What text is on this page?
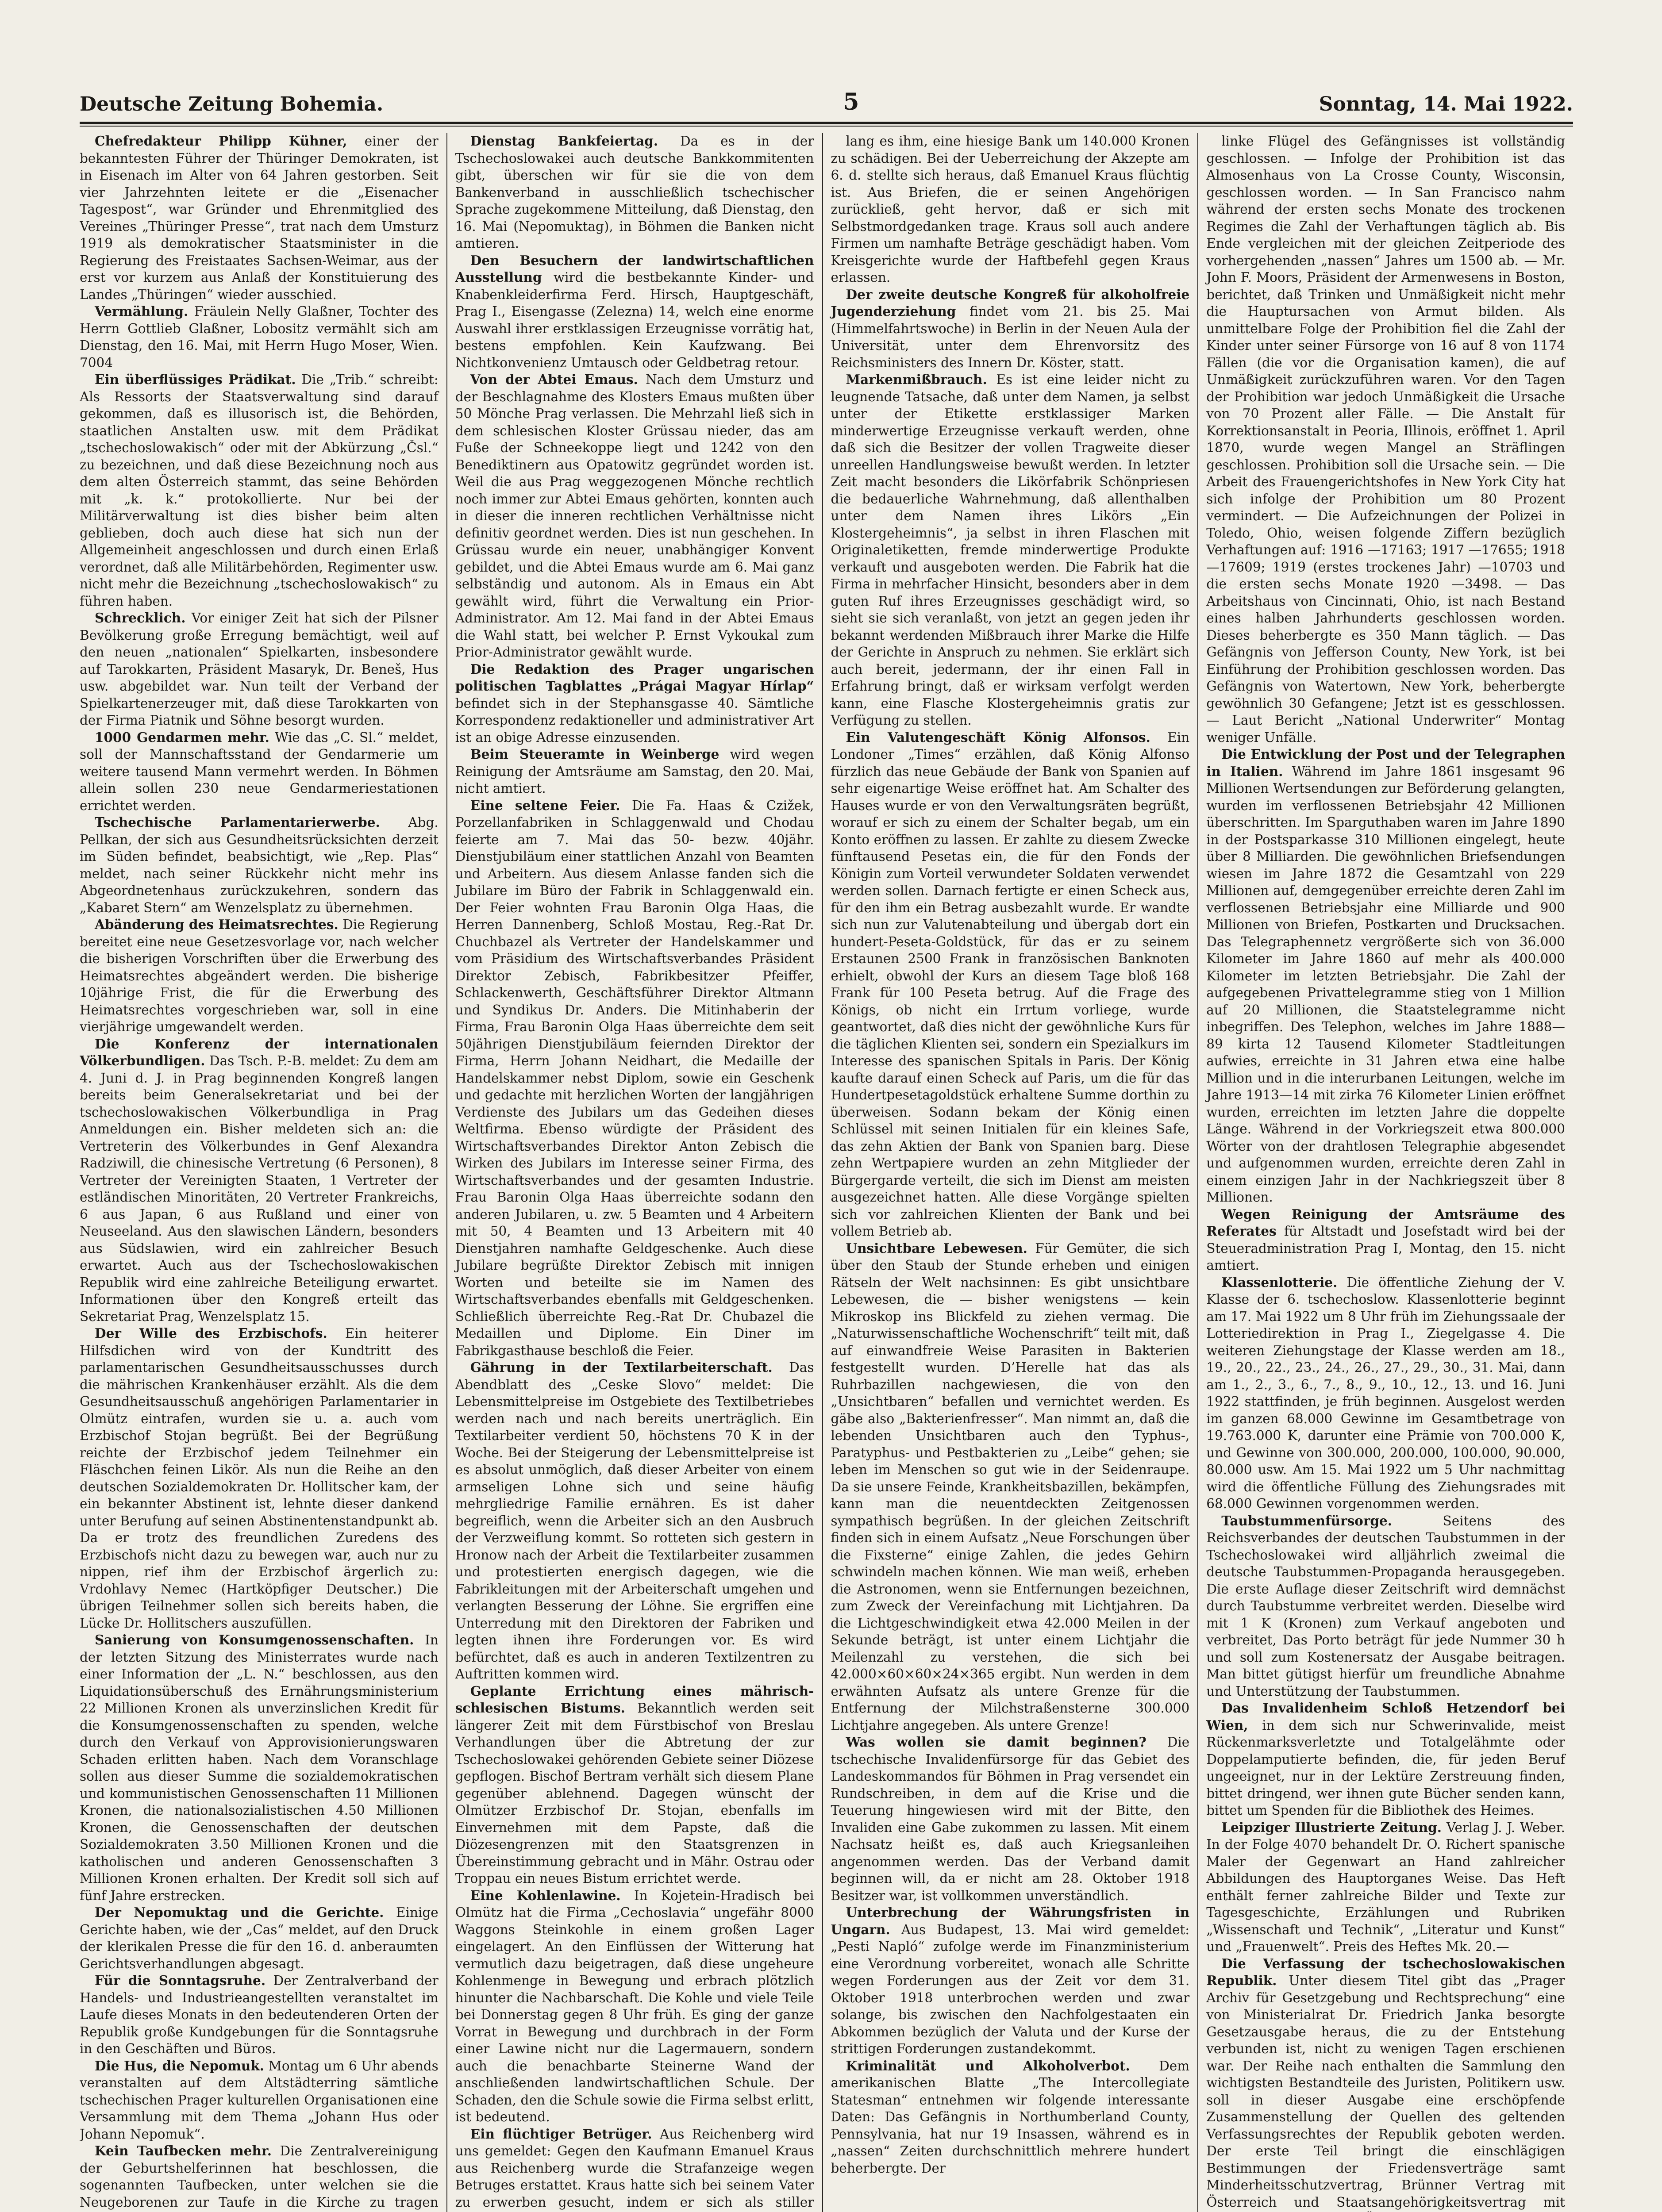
Deutsche Zeitung Bohemia.	5	Sonntag, 14. Mai 1922.

Chefredakteur Philipp Kühner, einer der bekanntesten Führer der Thüringer Demokraten, ist in Eisenach im Alter von 64 Jahren gestorben. Seit vier Jahrzehnten leitete er die „Eisenacher Tagespost“, war Gründer und Ehrenmitglied des Vereines „Thüringer Presse“, trat nach dem Umsturz 1919 als demokratischer Staatsminister in die Regierung des Freistaates Sachsen-Weimar, aus der erst vor kurzem aus Anlaß der Konstituierung des Landes „Thüringen“ wieder ausschied.

Vermählung. Fräulein Nelly Glaßner, Tochter des Herrn Gottlieb Glaßner, Lobositz vermählt sich am Dienstag, den 16. Mai, mit Herrn Hugo Moser, Wien. 7004

Ein überflüssiges Prädikat. Die „Trib.“ schreibt: Als Ressorts der Staatsverwaltung sind darauf gekommen, daß es illusorisch ist, die Behörden, staatlichen Anstalten usw. mit dem Prädikat „tschechoslowakisch“ oder mit der Abkürzung „Čsl.“ zu bezeichnen, und daß diese Bezeichnung noch aus dem alten Österreich stammt, das seine Behörden mit „k. k.“ protokollierte. Nur bei der Militärverwaltung ist dies bisher beim alten geblieben, doch auch diese hat sich nun der Allgemeinheit angeschlossen und durch einen Erlaß verordnet, daß alle Militärbehörden, Regimenter usw. nicht mehr die Bezeichnung „tschechoslowakisch“ zu führen haben.

Schrecklich. Vor einiger Zeit hat sich der Pilsner Bevölkerung große Erregung bemächtigt, weil auf den neuen „nationalen“ Spielkarten, insbesondere auf Tarokkarten, Präsident Masaryk, Dr. Beneš, Hus usw. abgebildet war. Nun teilt der Verband der Spielkartenerzeuger mit, daß diese Tarokkarten von der Firma Piatnik und Söhne besorgt wurden.

1000 Gendarmen mehr. Wie das „C. Sl.“ meldet, soll der Mannschaftsstand der Gendarmerie um weitere tausend Mann vermehrt werden. In Böhmen allein sollen 230 neue Gendarmeriestationen errichtet werden.

Tschechische Parlamentarierwerbe. Abg. Pellkan, der sich aus Gesundheitsrücksichten derzeit im Süden befindet, beabsichtigt, wie „Rep. Plas“ meldet, nach seiner Rückkehr nicht mehr ins Abgeordnetenhaus zurückzukehren, sondern das „Kabaret Stern“ am Wenzelsplatz zu übernehmen.

Abänderung des Heimatsrechtes. Die Regierung bereitet eine neue Gesetzesvorlage vor, nach welcher die bisherigen Vorschriften über die Erwerbung des Heimatsrechtes abgeändert werden. Die bisherige 10jährige Frist, die für die Erwerbung des Heimatsrechtes vorgeschrieben war, soll in eine vierjährige umgewandelt werden.

Die Konferenz der internationalen Völkerbundligen. Das Tsch. P.-B. meldet: Zu dem am 4. Juni d. J. in Prag beginnenden Kongreß langen bereits beim Generalsekretariat und bei der tschechoslowakischen Völkerbundliga in Prag Anmeldungen ein. Bisher meldeten sich an: die Vertreterin des Völkerbundes in Genf Alexandra Radziwill, die chinesische Vertretung (6 Personen), 8 Vertreter der Vereinigten Staaten, 1 Vertreter der estländischen Minoritäten, 20 Vertreter Frankreichs, 6 aus Japan, 6 aus Rußland und einer von Neuseeland. Aus den slawischen Ländern, besonders aus Südslawien, wird ein zahlreicher Besuch erwartet. Auch aus der Tschechoslowakischen Republik wird eine zahlreiche Beteiligung erwartet. Informationen über den Kongreß erteilt das Sekretariat Prag, Wenzelsplatz 15.

Der Wille des Erzbischofs. Ein heiterer Hilfsdichen wird von der Kundtritt des parlamentarischen Gesundheitsausschusses durch die mährischen Krankenhäuser erzählt. Als die dem Gesundheitsausschuß angehörigen Parlamentarier in Olmütz eintrafen, wurden sie u. a. auch vom Erzbischof Stojan begrüßt. Bei der Begrüßung reichte der Erzbischof jedem Teilnehmer ein Fläschchen feinen Likör. Als nun die Reihe an den deutschen Sozialdemokraten Dr. Hollitscher kam, der ein bekannter Abstinent ist, lehnte dieser dankend unter Berufung auf seinen Abstinentenstandpunkt ab. Da er trotz des freundlichen Zuredens des Erzbischofs nicht dazu zu bewegen war, auch nur zu nippen, rief ihm der Erzbischof ärgerlich zu: Vrdohlavy Nemec (Hartköpfiger Deutscher.) Die übrigen Teilnehmer sollen sich bereits haben, die Lücke Dr. Hollitschers auszufüllen.

Sanierung von Konsumgenossenschaften. In der letzten Sitzung des Ministerrates wurde nach einer Information der „L. N.“ beschlossen, aus den Liquidationsüberschuß des Ernährungsministerium 22 Millionen Kronen als unverzinslichen Kredit für die Konsumgenossenschaften zu spenden, welche durch den Verkauf von Approvisionierungswaren Schaden erlitten haben. Nach dem Voranschlage sollen aus dieser Summe die sozialdemokratischen und kommunistischen Genossenschaften 11 Millionen Kronen, die nationalsozialistischen 4.50 Millionen Kronen, die Genossenschaften der deutschen Sozialdemokraten 3.50 Millionen Kronen und die katholischen und anderen Genossenschaften 3 Millionen Kronen erhalten. Der Kredit soll sich auf fünf Jahre erstrecken.

Der Nepomuktag und die Gerichte. Einige Gerichte haben, wie der „Cas“ meldet, auf den Druck der klerikalen Presse die für den 16. d. anberaumten Gerichtsverhandlungen abgesagt.

Für die Sonntagsruhe. Der Zentralverband der Handels- und Industrieangestellten veranstaltet im Laufe dieses Monats in den bedeutenderen Orten der Republik große Kundgebungen für die Sonntagsruhe in den Geschäften und Büros.

Die Hus, die Nepomuk. Montag um 6 Uhr abends veranstalten auf dem Altstädterring sämtliche tschechischen Prager kulturellen Organisationen eine Versammlung mit dem Thema „Johann Hus oder Johann Nepomuk“.

Kein Taufbecken mehr. Die Zentralvereinigung der Geburtshelferinnen hat beschlossen, die sogenannten Taufbecken, unter welchen sie die Neugeborenen zur Taufe in die Kirche zu tragen

Dienstag Bankfeiertag. Da es in der Tschechoslowakei auch deutsche Bankkommitenten gibt, überschen wir für sie die von dem Bankenverband in ausschließlich tschechischer Sprache zugekommene Mitteilung, daß Dienstag, den 16. Mai (Nepomuktag), in Böhmen die Banken nicht amtieren.

Den Besuchern der landwirtschaftlichen Ausstellung wird die bestbekannte Kinder- und Knabenkleiderfirma Ferd. Hirsch, Hauptgeschäft, Prag I., Eisengasse (Zelezna) 14, welch eine enorme Auswahl ihrer erstklassigen Erzeugnisse vorrätig hat, bestens empfohlen. Kein Kaufzwang. Bei Nichtkonvenienz Umtausch oder Geldbetrag retour.

Von der Abtei Emaus. Nach dem Umsturz und der Beschlagnahme des Klosters Emaus mußten über 50 Mönche Prag verlassen. Die Mehrzahl ließ sich in dem schlesischen Kloster Grüssau nieder, das am Fuße der Schneekoppe liegt und 1242 von den Benediktinern aus Opatowitz gegründet worden ist. Weil die aus Prag weggezogenen Mönche rechtlich noch immer zur Abtei Emaus gehörten, konnten auch in dieser die inneren rechtlichen Verhältnisse nicht definitiv geordnet werden. Dies ist nun geschehen. In Grüssau wurde ein neuer, unabhängiger Konvent gebildet, und die Abtei Emaus wurde am 6. Mai ganz selbständig und autonom. Als in Emaus ein Abt gewählt wird, führt die Verwaltung ein Prior-Administrator. Am 12. Mai fand in der Abtei Emaus die Wahl statt, bei welcher P. Ernst Vykoukal zum Prior-Administrator gewählt wurde.

Die Redaktion des Prager ungarischen politischen Tagblattes „Prágai Magyar Hírlap“ befindet sich in der Stephansgasse 40. Sämtliche Korrespondenz redaktioneller und administrativer Art ist an obige Adresse einzusenden.

Beim Steueramte in Weinberge wird wegen Reinigung der Amtsräume am Samstag, den 20. Mai, nicht amtiert.

Eine seltene Feier. Die Fa. Haas & Czižek, Porzellanfabriken in Schlaggenwald und Chodau feierte am 7. Mai das 50- bezw. 40jähr. Dienstjubiläum einer stattlichen Anzahl von Beamten und Arbeitern. Aus diesem Anlasse fanden sich die Jubilare im Büro der Fabrik in Schlaggenwald ein. Der Feier wohnten Frau Baronin Olga Haas, die Herren Dannenberg, Schloß Mostau, Reg.-Rat Dr. Chuchbazel als Vertreter der Handelskammer und vom Präsidium des Wirtschaftsverbandes Präsident Direktor Zebisch, Fabrikbesitzer Pfeiffer, Schlackenwerth, Geschäftsführer Direktor Altmann und Syndikus Dr. Anders. Die Mitinhaberin der Firma, Frau Baronin Olga Haas überreichte dem seit 50jährigen Dienstjubiläum feiernden Direktor der Firma, Herrn Johann Neidhart, die Medaille der Handelskammer nebst Diplom, sowie ein Geschenk und gedachte mit herzlichen Worten der langjährigen Verdienste des Jubilars um das Gedeihen dieses Weltfirma. Ebenso würdigte der Präsident des Wirtschaftsverbandes Direktor Anton Zebisch die Wirken des Jubilars im Interesse seiner Firma, des Wirtschaftsverbandes und der gesamten Industrie. Frau Baronin Olga Haas überreichte sodann den anderen Jubilaren, u. zw. 5 Beamten und 4 Arbeitern mit 50, 4 Beamten und 13 Arbeitern mit 40 Dienstjahren namhafte Geldgeschenke. Auch diese Jubilare begrüßte Direktor Zebisch mit innigen Worten und beteilte sie im Namen des Wirtschaftsverbandes ebenfalls mit Geldgeschenken. Schließlich überreichte Reg.-Rat Dr. Chubazel die Medaillen und Diplome. Ein Diner im Fabrikgasthause beschloß die Feier.

Gährung in der Textilarbeiterschaft. Das Abendblatt des „Ceske Slovo“ meldet: Die Lebensmittelpreise im Ostgebiete des Textilbetriebes werden nach und nach bereits unerträglich. Ein Textilarbeiter verdient 50, höchstens 70 K in der Woche. Bei der Steigerung der Lebensmittelpreise ist es absolut unmöglich, daß dieser Arbeiter von einem armseligen Lohne sich und seine häufig mehrgliedrige Familie ernähren. Es ist daher begreiflich, wenn die Arbeiter sich an den Ausbruch der Verzweiflung kommt. So rotteten sich gestern in Hronow nach der Arbeit die Textilarbeiter zusammen und protestierten energisch dagegen, wie die Fabrikleitungen mit der Arbeiterschaft umgehen und verlangten Besserung der Löhne. Sie ergriffen eine Unterredung mit den Direktoren der Fabriken und legten ihnen ihre Forderungen vor. Es wird befürchtet, daß es auch in anderen Textilzentren zu Auftritten kommen wird.

Geplante Errichtung eines mährisch-schlesischen Bistums. Bekanntlich werden seit längerer Zeit mit dem Fürstbischof von Breslau Verhandlungen über die Abtretung der zur Tschechoslowakei gehörenden Gebiete seiner Diözese gepflogen. Bischof Bertram verhält sich diesem Plane gegenüber ablehnend. Dagegen wünscht der Olmützer Erzbischof Dr. Stojan, ebenfalls im Einvernehmen mit dem Papste, daß die Diözesengrenzen mit den Staatsgrenzen in Übereinstimmung gebracht und in Mähr. Ostrau oder Troppau ein neues Bistum errichtet werde.

Eine Kohlenlawine. In Kojetein-Hradisch bei Olmütz hat die Firma „Cechoslavia“ ungefähr 8000 Waggons Steinkohle in einem großen Lager eingelagert. An den Einflüssen der Witterung hat vermutlich dazu beigetragen, daß diese ungeheure Kohlenmenge in Bewegung und erbrach plötzlich hinunter die Nachbarschaft. Die Kohle und viele Teile bei Donnerstag gegen 8 Uhr früh. Es ging der ganze Vorrat in Bewegung und durchbrach in der Form einer Lawine nicht nur die Lagermauern, sondern auch die benachbarte Steinerne Wand der anschließenden landwirtschaftlichen Schule. Der Schaden, den die Schule sowie die Firma selbst erlitt, ist bedeutend.

Ein flüchtiger Betrüger. Aus Reichenberg wird uns gemeldet: Gegen den Kaufmann Emanuel Kraus aus Reichenberg wurde die Strafanzeige wegen Betruges erstattet. Kraus hatte sich bei seinem Vater zu erwerben gesucht, indem er sich als stiller

lang es ihm, eine hiesige Bank um 140.000 Kronen zu schädigen. Bei der Ueberreichung der Akzepte am 6. d. stellte sich heraus, daß Emanuel Kraus flüchtig ist. Aus Briefen, die er seinen Angehörigen zurückließ, geht hervor, daß er sich mit Selbstmordgedanken trage. Kraus soll auch andere Firmen um namhafte Beträge geschädigt haben. Vom Kreisgerichte wurde der Haftbefehl gegen Kraus erlassen.

Der zweite deutsche Kongreß für alkoholfreie Jugenderziehung findet vom 21. bis 25. Mai (Himmelfahrtswoche) in Berlin in der Neuen Aula der Universität, unter dem Ehrenvorsitz des Reichsministers des Innern Dr. Köster, statt.

Markenmißbrauch. Es ist eine leider nicht zu leugnende Tatsache, daß unter dem Namen, ja selbst unter der Etikette erstklassiger Marken minderwertige Erzeugnisse verkauft werden, ohne daß sich die Besitzer der vollen Tragweite dieser unreellen Handlungsweise bewußt werden. In letzter Zeit macht besonders die Likörfabrik Schönpriesen die bedauerliche Wahrnehmung, daß allenthalben unter dem Namen ihres Likörs „Ein Klostergeheimnis“, ja selbst in ihren Flaschen mit Originaletiketten, fremde minderwertige Produkte verkauft und ausgeboten werden. Die Fabrik hat die Firma in mehrfacher Hinsicht, besonders aber in dem guten Ruf ihres Erzeugnisses geschädigt wird, so sieht sie sich veranlaßt, von jetzt an gegen jeden ihr bekannt werdenden Mißbrauch ihrer Marke die Hilfe der Gerichte in Anspruch zu nehmen. Sie erklärt sich auch bereit, jedermann, der ihr einen Fall in Erfahrung bringt, daß er wirksam verfolgt werden kann, eine Flasche Klostergeheimnis gratis zur Verfügung zu stellen.

Ein Valutengeschäft König Alfonsos. Ein Londoner „Times“ erzählen, daß König Alfonso fürzlich das neue Gebäude der Bank von Spanien auf sehr eigenartige Weise eröffnet hat. Am Schalter des Hauses wurde er von den Verwaltungsräten begrüßt, worauf er sich zu einem der Schalter begab, um ein Konto eröffnen zu lassen. Er zahlte zu diesem Zwecke fünftausend Pesetas ein, die für den Fonds der Königin zum Vorteil verwundeter Soldaten verwendet werden sollen. Darnach fertigte er einen Scheck aus, für den ihm ein Betrag ausbezahlt wurde. Er wandte sich nun zur Valutenabteilung und übergab dort ein hundert-Peseta-Goldstück, für das er zu seinem Erstaunen 2500 Frank in französischen Banknoten erhielt, obwohl der Kurs an diesem Tage bloß 168 Frank für 100 Peseta betrug. Auf die Frage des Königs, ob nicht ein Irrtum vorliege, wurde geantwortet, daß dies nicht der gewöhnliche Kurs für die täglichen Klienten sei, sondern ein Spezialkurs im Interesse des spanischen Spitals in Paris. Der König kaufte darauf einen Scheck auf Paris, um die für das Hundertpesetagoldstück erhaltene Summe dorthin zu überweisen. Sodann bekam der König einen Schlüssel mit seinen Initialen für ein kleines Safe, das zehn Aktien der Bank von Spanien barg. Diese zehn Wertpapiere wurden an zehn Mitglieder der Bürgergarde verteilt, die sich im Dienst am meisten ausgezeichnet hatten. Alle diese Vorgänge spielten sich vor zahlreichen Klienten der Bank und bei vollem Betrieb ab.

Unsichtbare Lebewesen. Für Gemüter, die sich über den Staub der Stunde erheben und einigen Rätseln der Welt nachsinnen: Es gibt unsichtbare Lebewesen, die — bisher wenigstens — kein Mikroskop ins Blickfeld zu ziehen vermag. Die „Naturwissenschaftliche Wochenschrift“ teilt mit, daß auf einwandfreie Weise Parasiten in Bakterien festgestellt wurden. D’Herelle hat das als Ruhrbazillen nachgewiesen, die von den „Unsichtbaren“ befallen und vernichtet werden. Es gäbe also „Bakterienfresser“. Man nimmt an, daß die lebenden Unsichtbaren auch den Typhus-, Paratyphus- und Pestbakterien zu „Leibe“ gehen; sie leben im Menschen so gut wie in der Seidenraupe. Da sie unsere Feinde, Krankheitsbazillen, bekämpfen, kann man die neuentdeckten Zeitgenossen sympathisch begrüßen. In der gleichen Zeitschrift finden sich in einem Aufsatz „Neue Forschungen über die Fixsterne“ einige Zahlen, die jedes Gehirn schwindeln machen können. Wie man weiß, erheben die Astronomen, wenn sie Entfernungen bezeichnen, zum Zweck der Vereinfachung mit Lichtjahren. Da die Lichtgeschwindigkeit etwa 42.000 Meilen in der Sekunde beträgt, ist unter einem Lichtjahr die Meilenzahl zu verstehen, die sich bei 42.000×60×60×24×365 ergibt. Nun werden in dem erwähnten Aufsatz als untere Grenze für die Entfernung der Milchstraßensterne 300.000 Lichtjahre angegeben. Als untere Grenze!

Was wollen sie damit beginnen? Die tschechische Invalidenfürsorge für das Gebiet des Landeskommandos für Böhmen in Prag versendet ein Rundschreiben, in dem auf die Krise und die Teuerung hingewiesen wird mit der Bitte, den Invaliden eine Gabe zukommen zu lassen. Mit einem Nachsatz heißt es, daß auch Kriegsanleihen angenommen werden. Das der Verband damit beginnen will, da er nicht am 28. Oktober 1918 Besitzer war, ist vollkommen unverständlich.

Unterbrechung der Währungsfristen in Ungarn. Aus Budapest, 13. Mai wird gemeldet: „Pesti Napló“ zufolge werde im Finanzministerium eine Verordnung vorbereitet, wonach alle Schritte wegen Forderungen aus der Zeit vor dem 31. Oktober 1918 unterbrochen werden und zwar solange, bis zwischen den Nachfolgestaaten ein Abkommen bezüglich der Valuta und der Kurse der strittigen Forderungen zustandekommt.

Kriminalität und Alkoholverbot. Dem amerikanischen Blatte „The Intercollegiate Statesman“ entnehmen wir folgende interessante Daten: Das Gefängnis in Northumberland County, Pennsylvania, hat nur 19 Insassen, während es in „nassen“ Zeiten durchschnittlich mehrere hundert beherbergte. Der

linke Flügel des Gefängnisses ist vollständig geschlossen. — Infolge der Prohibition ist das Almosenhaus von La Crosse County, Wisconsin, geschlossen worden. — In San Francisco nahm während der ersten sechs Monate des trockenen Regimes die Zahl der Verhaftungen täglich ab. Bis Ende vergleichen mit der gleichen Zeitperiode des vorhergehenden „nassen“ Jahres um 1500 ab. — Mr. John F. Moors, Präsident der Armenwesens in Boston, berichtet, daß Trinken und Unmäßigkeit nicht mehr die Hauptursachen von Armut bilden. Als unmittelbare Folge der Prohibition fiel die Zahl der Kinder unter seiner Fürsorge von 16 auf 8 von 1174 Fällen (die vor die Organisation kamen), die auf Unmäßigkeit zurückzuführen waren. Vor den Tagen der Prohibition war jedoch Unmäßigkeit die Ursache von 70 Prozent aller Fälle. — Die Anstalt für Korrektionsanstalt in Peoria, Illinois, eröffnet 1. April 1870, wurde wegen Mangel an Sträflingen geschlossen. Prohibition soll die Ursache sein. — Die Arbeit des Frauengerichtshofes in New York City hat sich infolge der Prohibition um 80 Prozent vermindert. — Die Aufzeichnungen der Polizei in Toledo, Ohio, weisen folgende Ziffern bezüglich Verhaftungen auf: 1916 —17163; 1917 —17655; 1918 —17609; 1919 (erstes trockenes Jahr) —10703 und die ersten sechs Monate 1920 —3498. — Das Arbeitshaus von Cincinnati, Ohio, ist nach Bestand eines halben Jahrhunderts geschlossen worden. Dieses beherbergte es 350 Mann täglich. — Das Gefängnis von Jefferson County, New York, ist bei Einführung der Prohibition geschlossen worden. Das Gefängnis von Watertown, New York, beherbergte gewöhnlich 30 Gefangene; Jetzt ist es gesschlossen. — Laut Bericht „National Underwriter“ Montag weniger Unfälle.

Die Entwicklung der Post und der Telegraphen in Italien. Während im Jahre 1861 insgesamt 96 Millionen Wertsendungen zur Beförderung gelangten, wurden im verflossenen Betriebsjahr 42 Millionen überschritten. Im Sparguthaben waren im Jahre 1890 in der Postsparkasse 310 Millionen eingelegt, heute über 8 Milliarden. Die gewöhnlichen Briefsendungen wiesen im Jahre 1872 die Gesamtzahl von 229 Millionen auf, demgegenüber erreichte deren Zahl im verflossenen Betriebsjahr eine Milliarde und 900 Millionen von Briefen, Postkarten und Drucksachen. Das Telegraphennetz vergrößerte sich von 36.000 Kilometer im Jahre 1860 auf mehr als 400.000 Kilometer im letzten Betriebsjahr. Die Zahl der aufgegebenen Privattelegramme stieg von 1 Million auf 20 Millionen, die Staatstelegramme nicht inbegriffen. Des Telephon, welches im Jahre 1888—89 kirta 12 Tausend Kilometer Stadtleitungen aufwies, erreichte in 31 Jahren etwa eine halbe Million und in die interurbanen Leitungen, welche im Jahre 1913—14 mit zirka 76 Kilometer Linien eröffnet wurden, erreichten im letzten Jahre die doppelte Länge. Während in der Vorkriegszeit etwa 800.000 Wörter von der drahtlosen Telegraphie abgesendet und aufgenommen wurden, erreichte deren Zahl in einem einzigen Jahr in der Nachkriegszeit über 8 Millionen.

Wegen Reinigung der Amtsräume des Referates für Altstadt und Josefstadt wird bei der Steueradministration Prag I, Montag, den 15. nicht amtiert.

Klassenlotterie. Die öffentliche Ziehung der V. Klasse der 6. tschechoslow. Klassenlotterie beginnt am 17. Mai 1922 um 8 Uhr früh im Ziehungssaale der Lotteriedirektion in Prag I., Ziegelgasse 4. Die weiteren Ziehungstage der Klasse werden am 18., 19., 20., 22., 23., 24., 26., 27., 29., 30., 31. Mai, dann am 1., 2., 3., 6., 7., 8., 9., 10., 12., 13. und 16. Juni 1922 stattfinden, je früh beginnen. Ausgelost werden im ganzen 68.000 Gewinne im Gesamtbetrage von 19.763.000 K, darunter eine Prämie von 700.000 K, und Gewinne von 300.000, 200.000, 100.000, 90.000, 80.000 usw. Am 15. Mai 1922 um 5 Uhr nachmittag wird die öffentliche Füllung des Ziehungsrades mit 68.000 Gewinnen vorgenommen werden.

Taubstummenfürsorge.	Seitens des Reichsverbandes der deutschen Taubstummen in der Tschechoslowakei wird alljährlich zweimal die deutsche Taubstummen-Propaganda herausgegeben. Die erste Auflage dieser Zeitschrift wird demnächst durch Taubstumme verbreitet werden. Dieselbe wird mit 1 K (Kronen) zum Verkauf angeboten und verbreitet, Das Porto beträgt für jede Nummer 30 h und soll zum Kostenersatz der Ausgabe beitragen. Man bittet gütigst hierfür um freundliche Abnahme und Unterstützung der Taubstummen.

Das Invalidenheim Schloß Hetzendorf bei Wien, in dem sich nur Schwerinvalide, meist Rückenmarksverletzte und Totalgelähmte oder Doppelamputierte befinden, die, für jeden Beruf ungeeignet, nur in der Lektüre Zerstreuung finden, bittet dringend, wer ihnen gute Bücher senden kann, bittet um Spenden für die Bibliothek des Heimes.

Leipziger Illustrierte Zeitung. Verlag J. J. Weber. In der Folge 4070 behandelt Dr. O. Richert spanische Maler der Gegenwart an Hand zahlreicher Abbildungen des Hauptorganes Weise. Das Heft enthält ferner zahlreiche Bilder und Texte zur Tagesgeschichte, Erzählungen und Rubriken „Wissenschaft und Technik“, „Literatur und Kunst“ und „Frauenwelt“. Preis des Heftes Mk. 20.—

Die Verfassung der tschechoslowakischen Republik. Unter diesem Titel gibt das „Prager Archiv für Gesetzgebung und Rechtsprechung“ eine von Ministerialrat Dr. Friedrich Janka besorgte Gesetzausgabe heraus, die zu der Entstehung verbunden ist, nicht zu wenigen Tagen erschienen war. Der Reihe nach enthalten die Sammlung den wichtigsten Bestandteile des Juristen, Politikern usw. soll in dieser Ausgabe eine erschöpfende Zusammenstellung der Quellen des geltenden Verfassungsrechtes der Republik geboten werden. Der erste Teil bringt die einschlägigen Bestimmungen der Friedensverträge samt Minderheitsschutzvertrag, Brünner Vertrag mit Österreich und Staatsangehörigkeitsvertrag mit
